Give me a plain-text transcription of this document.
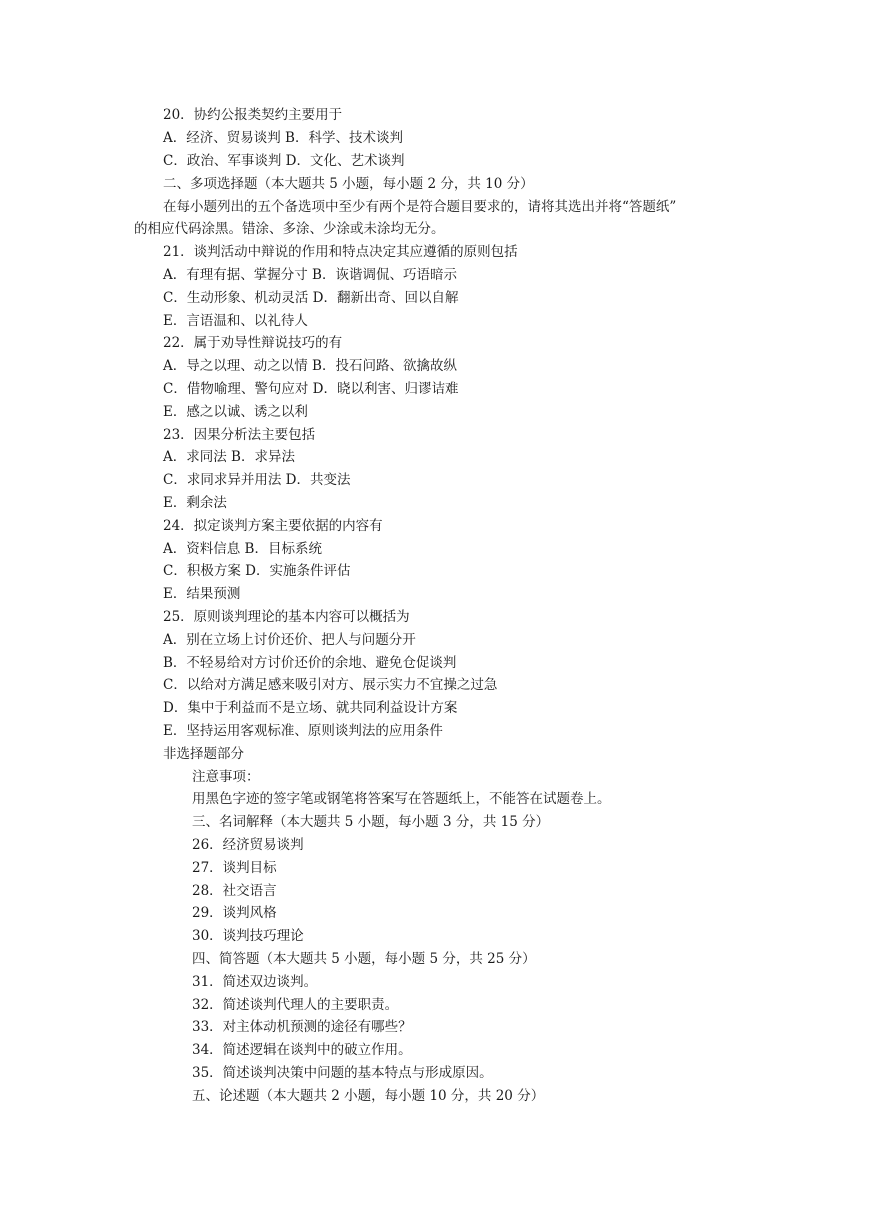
20．协约公报类契约主要用于
A．经济、贸易谈判 B．科学、技术谈判
C．政治、军事谈判 D．文化、艺术谈判
二、多项选择题（本大题共 5 小题，每小题 2 分，共 10 分）
在每小题列出的五个备选项中至少有两个是符合题目要求的，请将其选出并将“答题纸”
的相应代码涂黑。错涂、多涂、少涂或未涂均无分。
21．谈判活动中辩说的作用和特点决定其应遵循的原则包括
A．有理有据、掌握分寸 B．诙谐调侃、巧语暗示
C．生动形象、机动灵活 D．翻新出奇、回以自解
E．言语温和、以礼待人
22．属于劝导性辩说技巧的有
A．导之以理、动之以情 B．投石问路、欲擒故纵
C．借物喻理、警句应对 D．晓以利害、归谬诘难
E．感之以诚、诱之以利
23．因果分析法主要包括
A．求同法 B．求异法
C．求同求异并用法 D．共变法
E．剩余法
24．拟定谈判方案主要依据的内容有
A．资料信息 B．目标系统
C．积极方案 D．实施条件评估
E．结果预测
25．原则谈判理论的基本内容可以概括为
A．别在立场上讨价还价、把人与问题分开
B．不轻易给对方讨价还价的余地、避免仓促谈判
C．以给对方满足感来吸引对方、展示实力不宜操之过急
D．集中于利益而不是立场、就共同利益设计方案
E．坚持运用客观标准、原则谈判法的应用条件
非选择题部分
注意事项：
用黑色字迹的签字笔或钢笔将答案写在答题纸上，不能答在试题卷上。
三、名词解释（本大题共 5 小题，每小题 3 分，共 15 分）
26．经济贸易谈判
27．谈判目标
28．社交语言
29．谈判风格
30．谈判技巧理论
四、简答题（本大题共 5 小题，每小题 5 分，共 25 分）
31．简述双边谈判。
32．简述谈判代理人的主要职责。
33．对主体动机预测的途径有哪些？
34．简述逻辑在谈判中的破立作用。
35．简述谈判决策中问题的基本特点与形成原因。
五、论述题（本大题共 2 小题，每小题 10 分，共 20 分）
